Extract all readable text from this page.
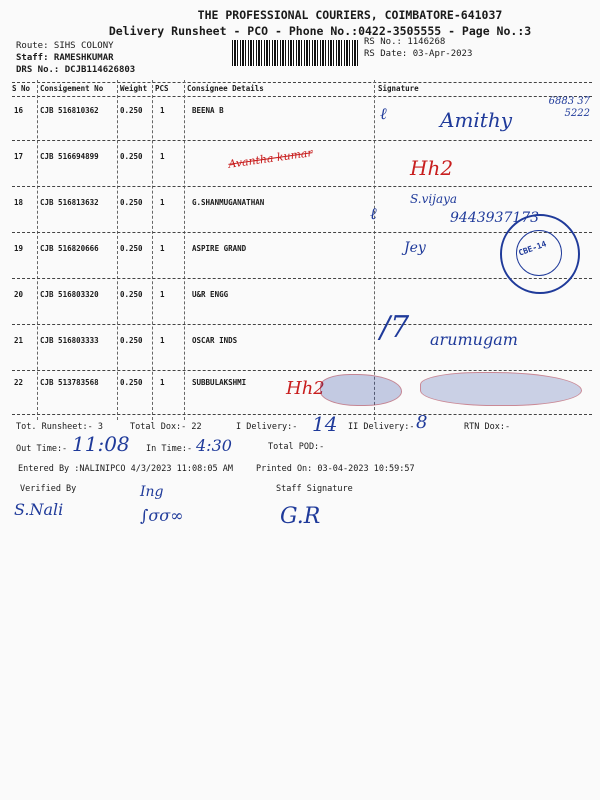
THE PROFESSIONAL COURIERS, COIMBATORE-641037
Delivery Runsheet - PCO - Phone No.:0422-3505555 - Page No.:3
Route: SIHS COLONY
Staff: RAMESHKUMAR
DRS No.: DCJB114626803
RS No.: 1146268
RS Date: 03-Apr-2023
S No Consigement No Weight PCS Consignee Details	Signature
16 CJB 516810362	0.250 1	BEENA B
17 CJB 516694899	0.250 1
18 CJB 516813632	0.250 1	G.SHANMUGANATHAN
19 CJB 516820666	0.250 1	ASPIRE GRAND
20 CJB 516803320	0.250 1	U&R ENGG
21 CJB 516803333	0.250 1	OSCAR INDS
22 CJB 513783568	0.250 1	SUBBULAKSHMI
ℓ	Amithy
6883 37 5222
Avantha kumar	Hh2
ℓ
S.vijaya
9443937173
Jey
/7 arumugam
Hh2
CBE-14
Tot. Runsheet:- 3	Total Dox:- 22	I Delivery:- 14 II Delivery:- 8	RTN Dox:-
Out Time:- 11:08 In Time:- 4:30	Total POD:-
Entered By :NALINIPCO 4/3/2023 11:08:05 AM	Printed On: 03-04-2023 10:59:57
Verified By	Staff Signature
S.Nali
Ing
∫σσ∞	G.R
